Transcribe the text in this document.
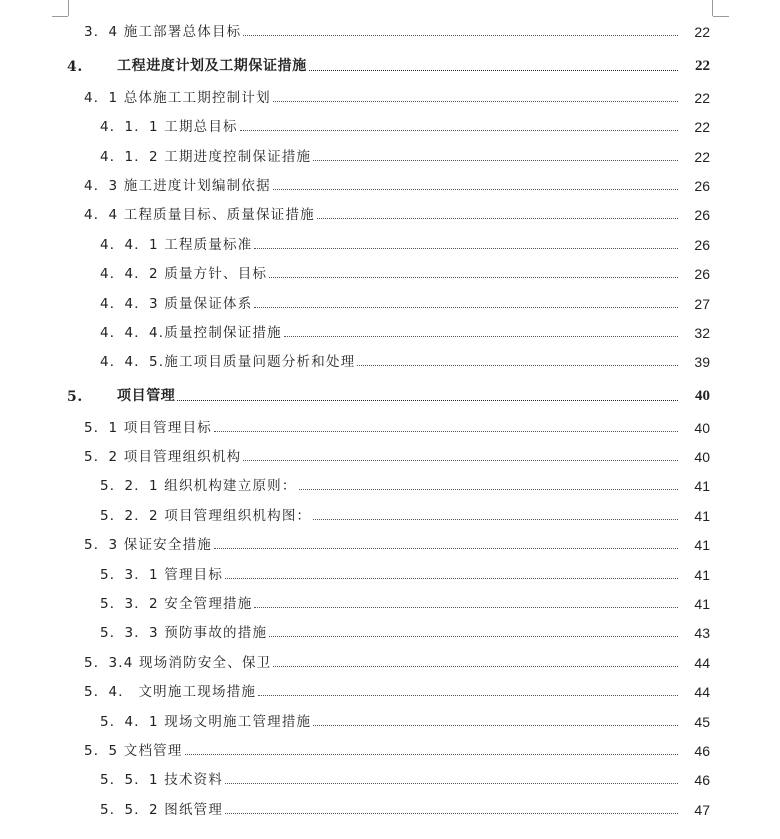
3．4 施工部署总体目标	22
4.	工程进度计划及工期保证措施	22
4．1 总体施工工期控制计划	22
4．1．1 工期总目标	22
4．1．2 工期进度控制保证措施	22
4．3 施工进度计划编制依据	26
4．4 工程质量目标、质量保证措施	26
4．4．1 工程质量标准	26
4．4．2 质量方针、目标	26
4．4．3 质量保证体系	27
4．4．4.质量控制保证措施	32
4．4．5.施工项目质量问题分析和处理	39
5.	项目管理	40
5．1 项目管理目标	40
5．2 项目管理组织机构	40
5．2．1 组织机构建立原则：	41
5．2．2 项目管理组织机构图：	41
5．3 保证安全措施	41
5．3．1 管理目标	41
5．3．2 安全管理措施	41
5．3．3 预防事故的措施	43
5．3.4 现场消防安全、保卫	44
5．4． 文明施工现场措施	44
5．4．1 现场文明施工管理措施	45
5．5 文档管理	46
5．5．1 技术资料	46
5．5．2 图纸管理	47
